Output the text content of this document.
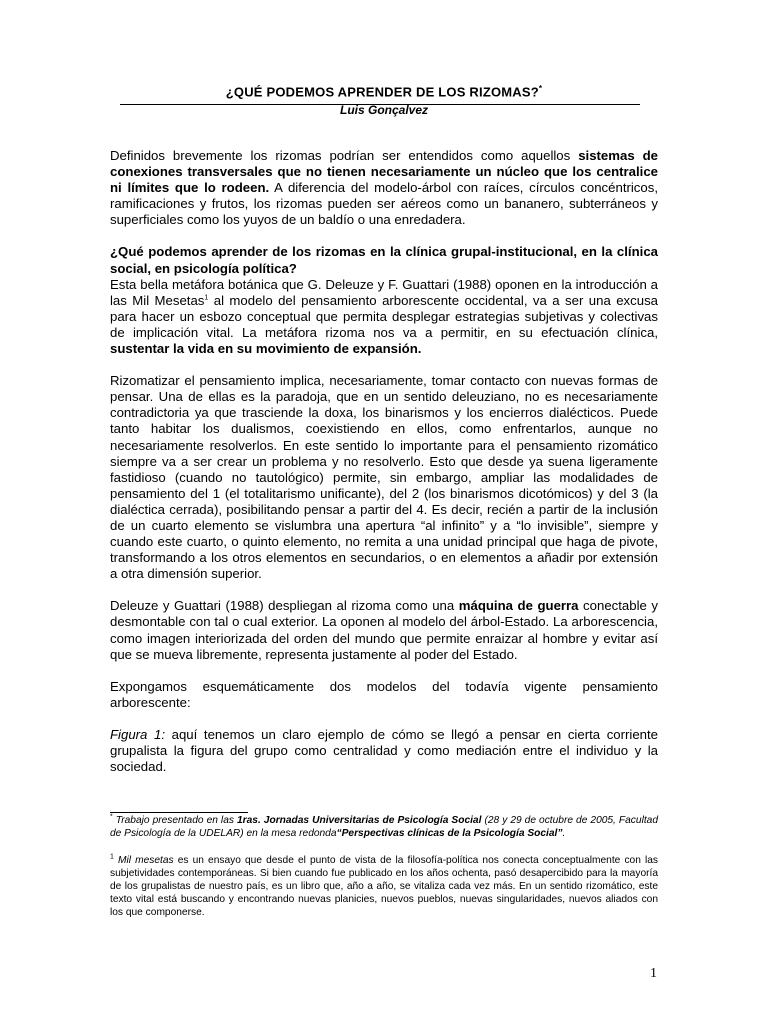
¿QUÉ PODEMOS APRENDER DE LOS RIZOMAS?*
Luis Gonçalvez

Definidos brevemente los rizomas podrían ser entendidos como aquellos sistemas de conexiones transversales que no tienen necesariamente un núcleo que los centralice ni límites que lo rodeen. A diferencia del modelo-árbol con raíces, círculos concéntricos, ramificaciones y frutos, los rizomas pueden ser aéreos como un bananero, subterráneos y superficiales como los yuyos de un baldío o una enredadera.

¿Qué podemos aprender de los rizomas en la clínica grupal-institucional, en la clínica social, en psicología política?

Esta bella metáfora botánica que G. Deleuze y F. Guattari (1988) oponen en la introducción a las Mil Mesetas$^1$ al modelo del pensamiento arborescente occidental, va a ser una excusa para hacer un esbozo conceptual que permita desplegar estrategias subjetivas y colectivas de implicación vital. La metáfora rizoma nos va a permitir, en su efectuación clínica, sustentar la vida en su movimiento de expansión.

Rizomatizar el pensamiento implica, necesariamente, tomar contacto con nuevas formas de pensar. Una de ellas es la paradoja, que en un sentido deleuziano, no es necesariamente contradictoria ya que trasciende la doxa, los binarismos y los encierros dialécticos. Puede tanto habitar los dualismos, coexistiendo en ellos, como enfrentarlos, aunque no necesariamente resolverlos. En este sentido lo importante para el pensamiento rizomático siempre va a ser crear un problema y no resolverlo. Esto que desde ya suena ligeramente fastidioso (cuando no tautológico) permite, sin embargo, ampliar las modalidades de pensamiento del 1 (el totalitarismo unificante), del 2 (los binarismos dicotómicos) y del 3 (la dialéctica cerrada), posibilitando pensar a partir del 4. Es decir, recién a partir de la inclusión de un cuarto elemento se vislumbra una apertura “al infinito” y a “lo invisible”, siempre y cuando este cuarto, o quinto elemento, no remita a una unidad principal que haga de pivote, transformando a los otros elementos en secundarios, o en elementos a añadir por extensión a otra dimensión superior.

Deleuze y Guattari (1988) despliegan al rizoma como una máquina de guerra conectable y desmontable con tal o cual exterior. La oponen al modelo del árbol-Estado. La arborescencia, como imagen interiorizada del orden del mundo que permite enraizar al hombre y evitar así que se mueva libremente, representa justamente al poder del Estado.

Expongamos esquemáticamente dos modelos del todavía vigente pensamiento arborescente:

Figura 1: aquí tenemos un claro ejemplo de cómo se llegó a pensar en cierta corriente grupalista la figura del grupo como centralidad y como mediación entre el individuo y la sociedad.

* Trabajo presentado en las 1ras. Jornadas Universitarias de Psicología Social (28 y 29 de octubre de 2005, Facultad de Psicología de la UDELAR) en la mesa redonda“Perspectivas clínicas de la Psicología Social”.

$^1$ Mil mesetas es un ensayo que desde el punto de vista de la filosofía-política nos conecta conceptualmente con las subjetividades contemporáneas. Si bien cuando fue publicado en los años ochenta, pasó desapercibido para la mayoría de los grupalistas de nuestro país, es un libro que, año a año, se vitaliza cada vez más. En un sentido rizomático, este texto vital está buscando y encontrando nuevas planicies, nuevos pueblos, nuevas singularidades, nuevos aliados con los que componerse.

1
